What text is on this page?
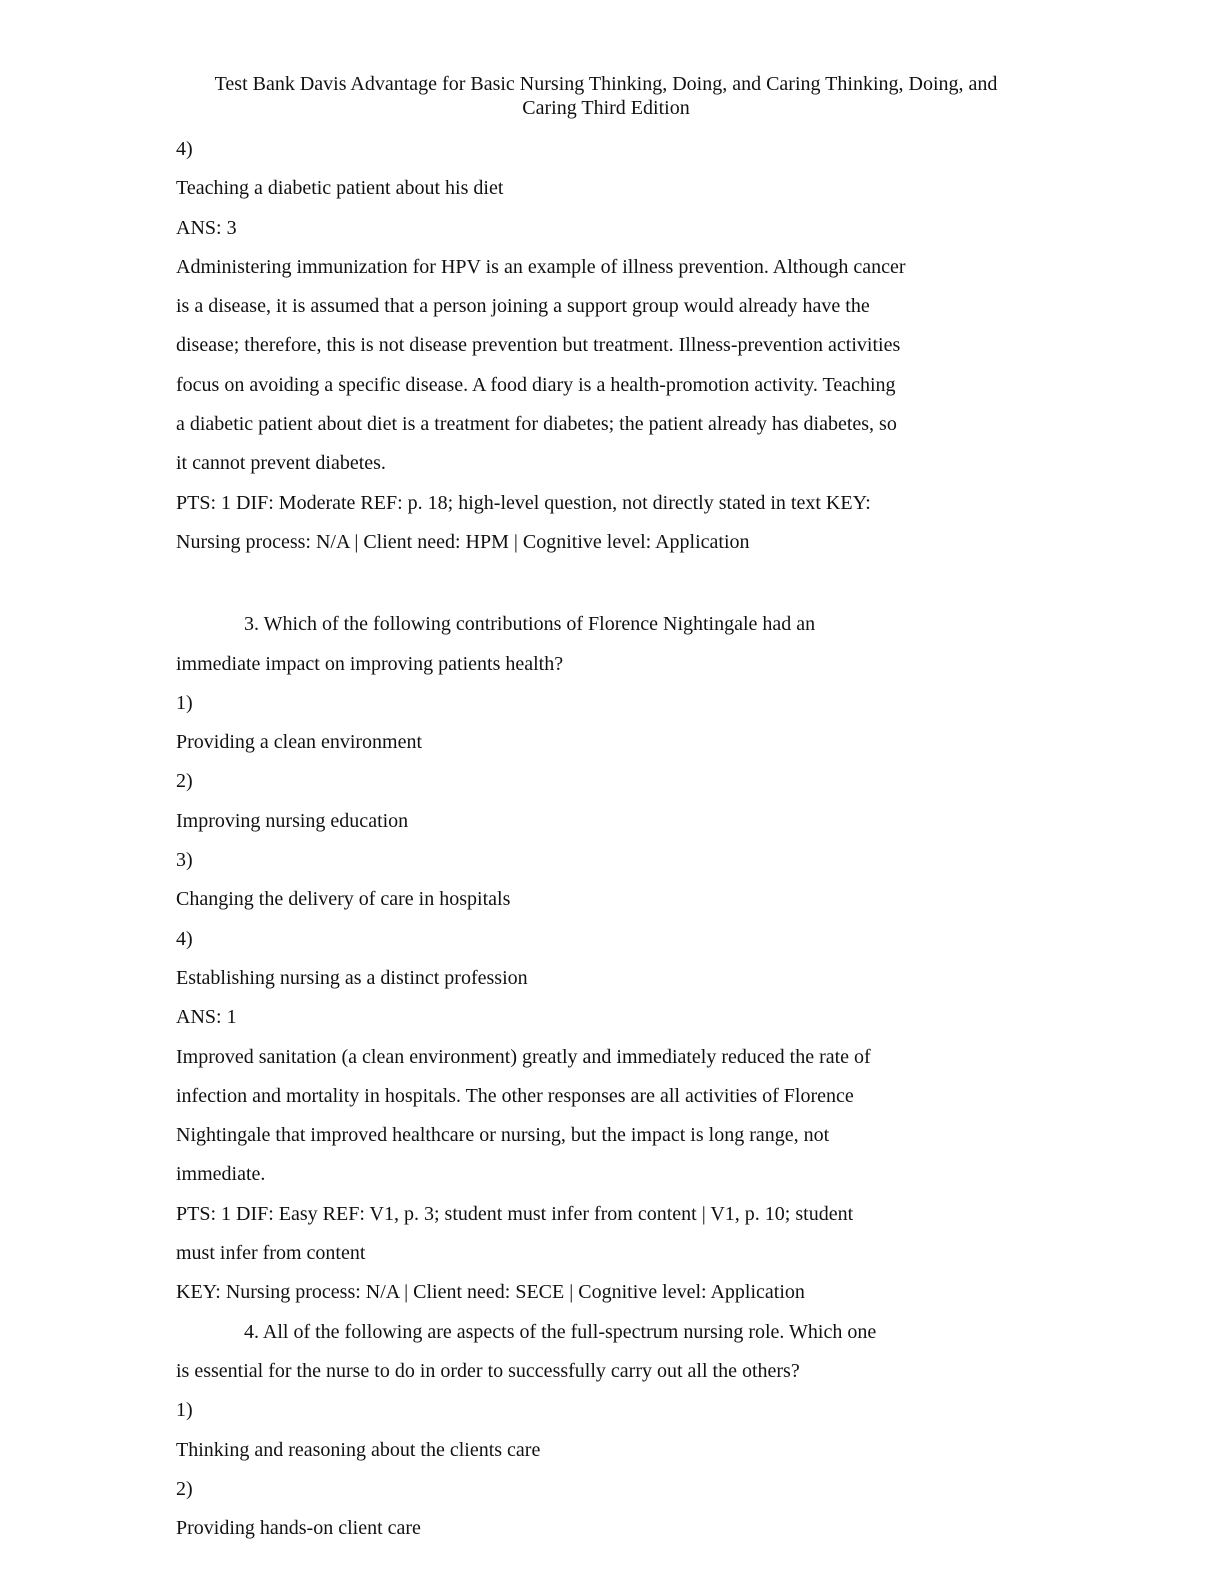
Test Bank Davis Advantage for Basic Nursing Thinking, Doing, and Caring Thinking, Doing, and
Caring Third Edition

4)

Teaching a diabetic patient about his diet

ANS: 3

Administering immunization for HPV is an example of illness prevention. Although cancer

is a disease, it is assumed that a person joining a support group would already have the

disease; therefore, this is not disease prevention but treatment. Illness-prevention activities

focus on avoiding a specific disease. A food diary is a health-promotion activity. Teaching

a diabetic patient about diet is a treatment for diabetes; the patient already has diabetes, so

it cannot prevent diabetes.

PTS: 1 DIF: Moderate REF: p. 18; high-level question, not directly stated in text KEY:

Nursing process: N/A | Client need: HPM | Cognitive level: Application

3. Which of the following contributions of Florence Nightingale had an

immediate impact on improving patients health?

1)

Providing a clean environment

2)

Improving nursing education

3)

Changing the delivery of care in hospitals

4)

Establishing nursing as a distinct profession

ANS: 1

Improved sanitation (a clean environment) greatly and immediately reduced the rate of

infection and mortality in hospitals. The other responses are all activities of Florence

Nightingale that improved healthcare or nursing, but the impact is long range, not

immediate.

PTS: 1 DIF: Easy REF: V1, p. 3; student must infer from content | V1, p. 10; student

must infer from content

KEY: Nursing process: N/A | Client need: SECE | Cognitive level: Application

4. All of the following are aspects of the full-spectrum nursing role. Which one

is essential for the nurse to do in order to successfully carry out all the others?

1)

Thinking and reasoning about the clients care

2)

Providing hands-on client care
